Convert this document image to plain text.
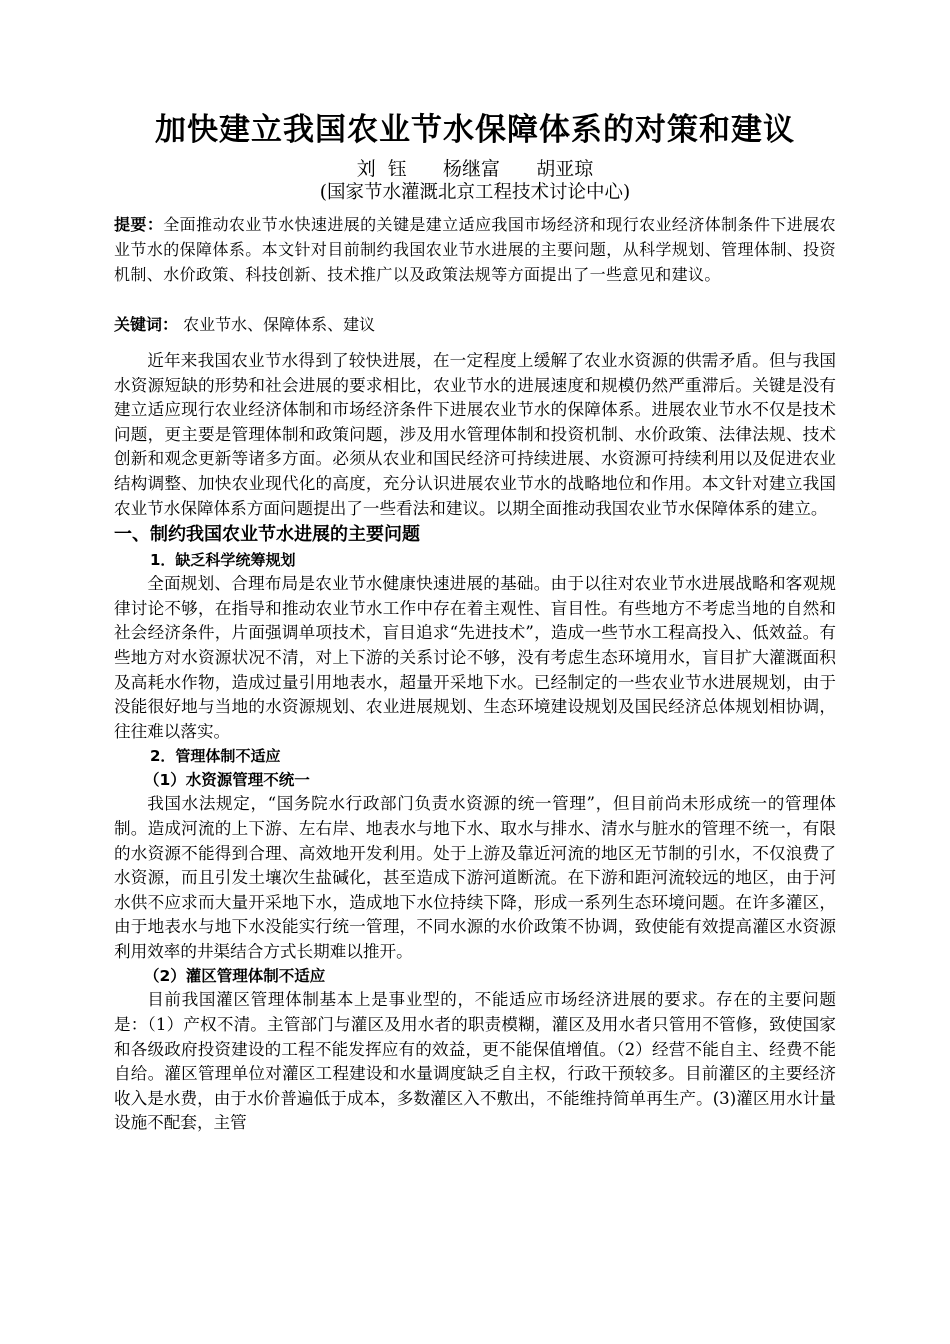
加快建立我国农业节水保障体系的对策和建议
刘  钰      杨继富      胡亚琼
(国家节水灌溉北京工程技术讨论中心)
提要：全面推动农业节水快速进展的关键是建立适应我国市场经济和现行农业经济体制条件下进展农业节水的保障体系。本文针对目前制约我国农业节水进展的主要问题，从科学规划、管理体制、投资机制、水价政策、科技创新、技术推广以及政策法规等方面提出了一些意见和建议。
关键词： 农业节水、保障体系、建议

近年来我国农业节水得到了较快进展，在一定程度上缓解了农业水资源的供需矛盾。但与我国水资源短缺的形势和社会进展的要求相比，农业节水的进展速度和规模仍然严重滞后。关键是没有建立适应现行农业经济体制和市场经济条件下进展农业节水的保障体系。进展农业节水不仅是技术问题，更主要是管理体制和政策问题，涉及用水管理体制和投资机制、水价政策、法律法规、技术创新和观念更新等诸多方面。必须从农业和国民经济可持续进展、水资源可持续利用以及促进农业结构调整、加快农业现代化的高度，充分认识进展农业节水的战略地位和作用。本文针对建立我国农业节水保障体系方面问题提出了一些看法和建议。以期全面推动我国农业节水保障体系的建立。

一、制约我国农业节水进展的主要问题
1．缺乏科学统筹规划

全面规划、合理布局是农业节水健康快速进展的基础。由于以往对农业节水进展战略和客观规律讨论不够，在指导和推动农业节水工作中存在着主观性、盲目性。有些地方不考虑当地的自然和社会经济条件，片面强调单项技术，盲目追求“先进技术”，造成一些节水工程高投入、低效益。有些地方对水资源状况不清，对上下游的关系讨论不够，没有考虑生态环境用水，盲目扩大灌溉面积及高耗水作物，造成过量引用地表水，超量开采地下水。已经制定的一些农业节水进展规划，由于没能很好地与当地的水资源规划、农业进展规划、生态环境建设规划及国民经济总体规划相协调，往往难以落实。

2．管理体制不适应
（1）水资源管理不统一

我国水法规定，“国务院水行政部门负责水资源的统一管理”，但目前尚未形成统一的管理体制。造成河流的上下游、左右岸、地表水与地下水、取水与排水、清水与脏水的管理不统一，有限的水资源不能得到合理、高效地开发利用。处于上游及靠近河流的地区无节制的引水，不仅浪费了水资源，而且引发土壤次生盐碱化，甚至造成下游河道断流。在下游和距河流较远的地区，由于河水供不应求而大量开采地下水，造成地下水位持续下降，形成一系列生态环境问题。在许多灌区，由于地表水与地下水没能实行统一管理，不同水源的水价政策不协调，致使能有效提高灌区水资源利用效率的井渠结合方式长期难以推开。

（2）灌区管理体制不适应

目前我国灌区管理体制基本上是事业型的，不能适应市场经济进展的要求。存在的主要问题是：（1）产权不清。主管部门与灌区及用水者的职责模糊，灌区及用水者只管用不管修，致使国家和各级政府投资建设的工程不能发挥应有的效益，更不能保值增值。（2）经营不能自主、经费不能自给。灌区管理单位对灌区工程建设和水量调度缺乏自主权，行政干预较多。目前灌区的主要经济收入是水费，由于水价普遍低于成本，多数灌区入不敷出，不能维持简单再生产。(3)灌区用水计量设施不配套，主管
